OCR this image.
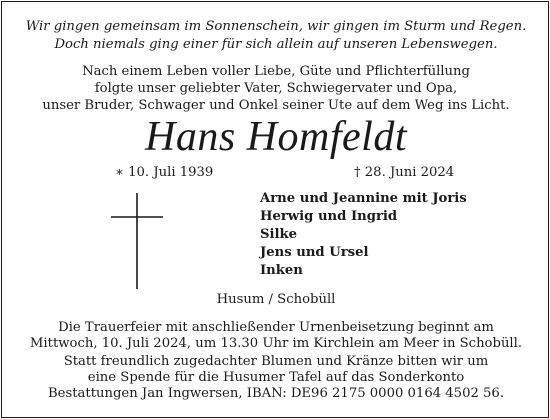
Wir gingen gemeinsam im Sonnenschein, wir gingen im Sturm und Regen.
Doch niemals ging einer für sich allein auf unseren Lebenswegen.
Nach einem Leben voller Liebe, Güte und Pflichterfüllung
folgte unser geliebter Vater, Schwiegervater und Opa,
unser Bruder, Schwager und Onkel seiner Ute auf dem Weg ins Licht.
Hans Homfeldt
∗ 10. Juli 1939	† 28. Juni 2024
Arne und Jeannine mit Joris
Herwig und Ingrid
Silke
Jens und Ursel
Inken
Husum / Schobüll
Die Trauerfeier mit anschließender Urnenbeisetzung beginnt am
Mittwoch, 10. Juli 2024, um 13.30 Uhr im Kirchlein am Meer in Schobüll.
Statt freundlich zugedachter Blumen und Kränze bitten wir um
eine Spende für die Husumer Tafel auf das Sonderkonto
Bestattungen Jan Ingwersen, IBAN: DE96 2175 0000 0164 4502 56.
